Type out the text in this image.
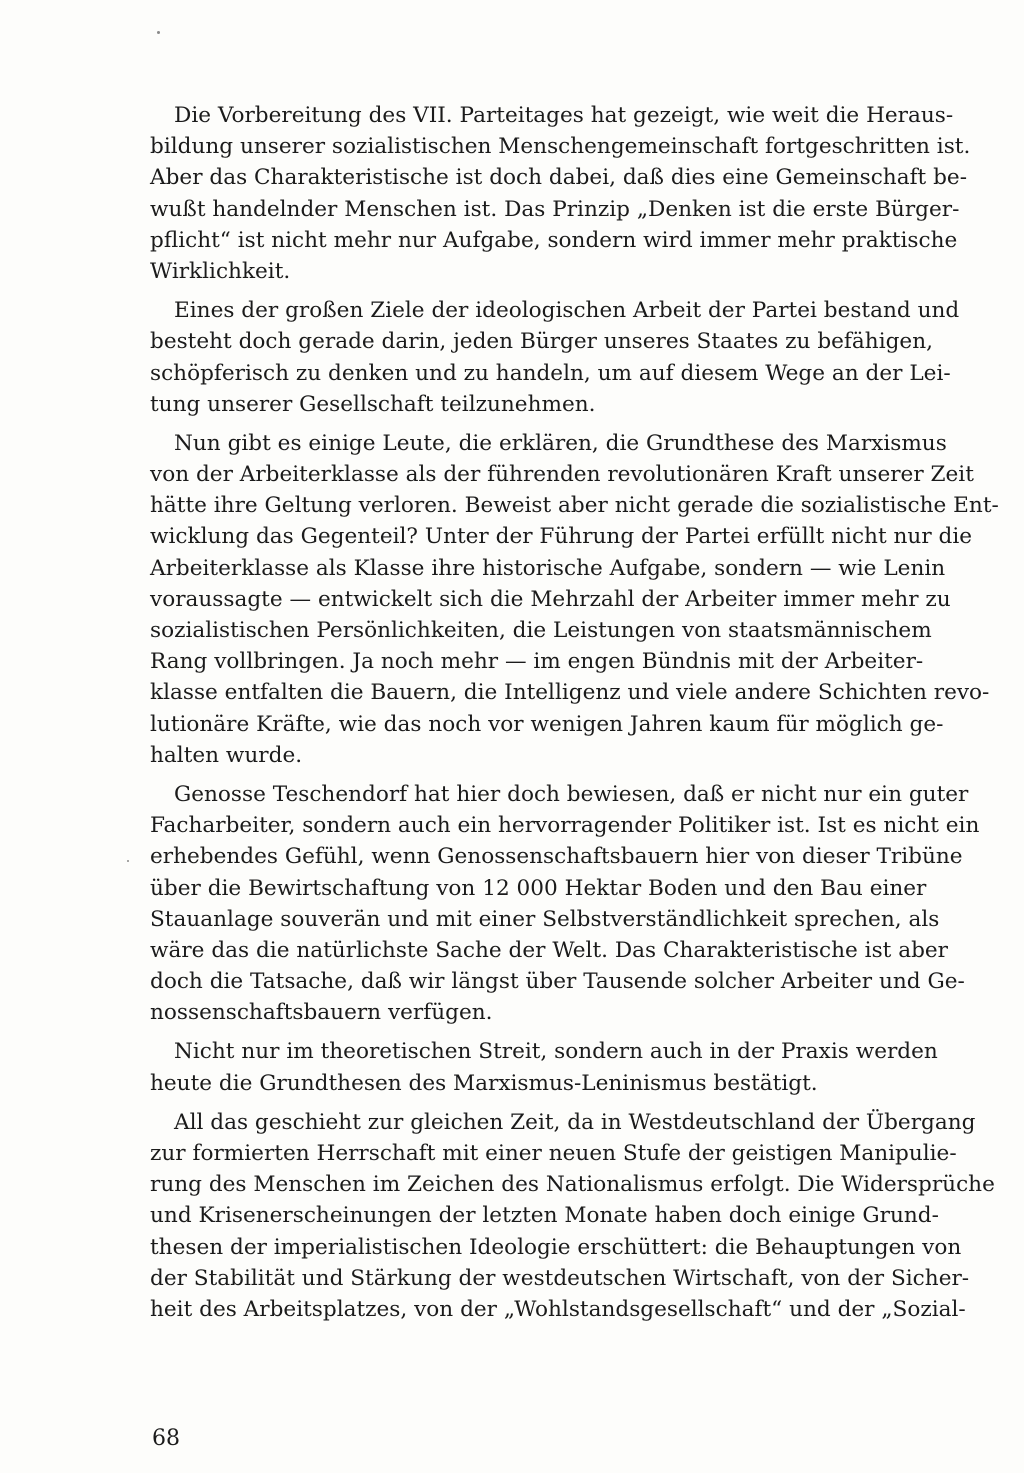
Die Vorbereitung des VII. Parteitages hat gezeigt, wie weit die Heraus-
bildung unserer sozialistischen Menschengemeinschaft fortgeschritten ist.
Aber das Charakteristische ist doch dabei, daß dies eine Gemeinschaft be-
wußt handelnder Menschen ist. Das Prinzip „Denken ist die erste Bürger-
pflicht“ ist nicht mehr nur Aufgabe, sondern wird immer mehr praktische
Wirklichkeit.

Eines der großen Ziele der ideologischen Arbeit der Partei bestand und
besteht doch gerade darin, jeden Bürger unseres Staates zu befähigen,
schöpferisch zu denken und zu handeln, um auf diesem Wege an der Lei-
tung unserer Gesellschaft teilzunehmen.

Nun gibt es einige Leute, die erklären, die Grundthese des Marxismus
von der Arbeiterklasse als der führenden revolutionären Kraft unserer Zeit
hätte ihre Geltung verloren. Beweist aber nicht gerade die sozialistische Ent-
wicklung das Gegenteil? Unter der Führung der Partei erfüllt nicht nur die
Arbeiterklasse als Klasse ihre historische Aufgabe, sondern — wie Lenin
voraussagte — entwickelt sich die Mehrzahl der Arbeiter immer mehr zu
sozialistischen Persönlichkeiten, die Leistungen von staatsmännischem
Rang vollbringen. Ja noch mehr — im engen Bündnis mit der Arbeiter-
klasse entfalten die Bauern, die Intelligenz und viele andere Schichten revo-
lutionäre Kräfte, wie das noch vor wenigen Jahren kaum für möglich ge-
halten wurde.

Genosse Teschendorf hat hier doch bewiesen, daß er nicht nur ein guter
Facharbeiter, sondern auch ein hervorragender Politiker ist. Ist es nicht ein
erhebendes Gefühl, wenn Genossenschaftsbauern hier von dieser Tribüne
über die Bewirtschaftung von 12 000 Hektar Boden und den Bau einer
Stauanlage souverän und mit einer Selbstverständlichkeit sprechen, als
wäre das die natürlichste Sache der Welt. Das Charakteristische ist aber
doch die Tatsache, daß wir längst über Tausende solcher Arbeiter und Ge-
nossenschaftsbauern verfügen.

Nicht nur im theoretischen Streit, sondern auch in der Praxis werden
heute die Grundthesen des Marxismus-Leninismus bestätigt.

All das geschieht zur gleichen Zeit, da in Westdeutschland der Übergang
zur formierten Herrschaft mit einer neuen Stufe der geistigen Manipulie-
rung des Menschen im Zeichen des Nationalismus erfolgt. Die Widersprüche
und Krisenerscheinungen der letzten Monate haben doch einige Grund-
thesen der imperialistischen Ideologie erschüttert: die Behauptungen von
der Stabilität und Stärkung der westdeutschen Wirtschaft, von der Sicher-
heit des Arbeitsplatzes, von der „Wohlstandsgesellschaft“ und der „Sozial-

68
